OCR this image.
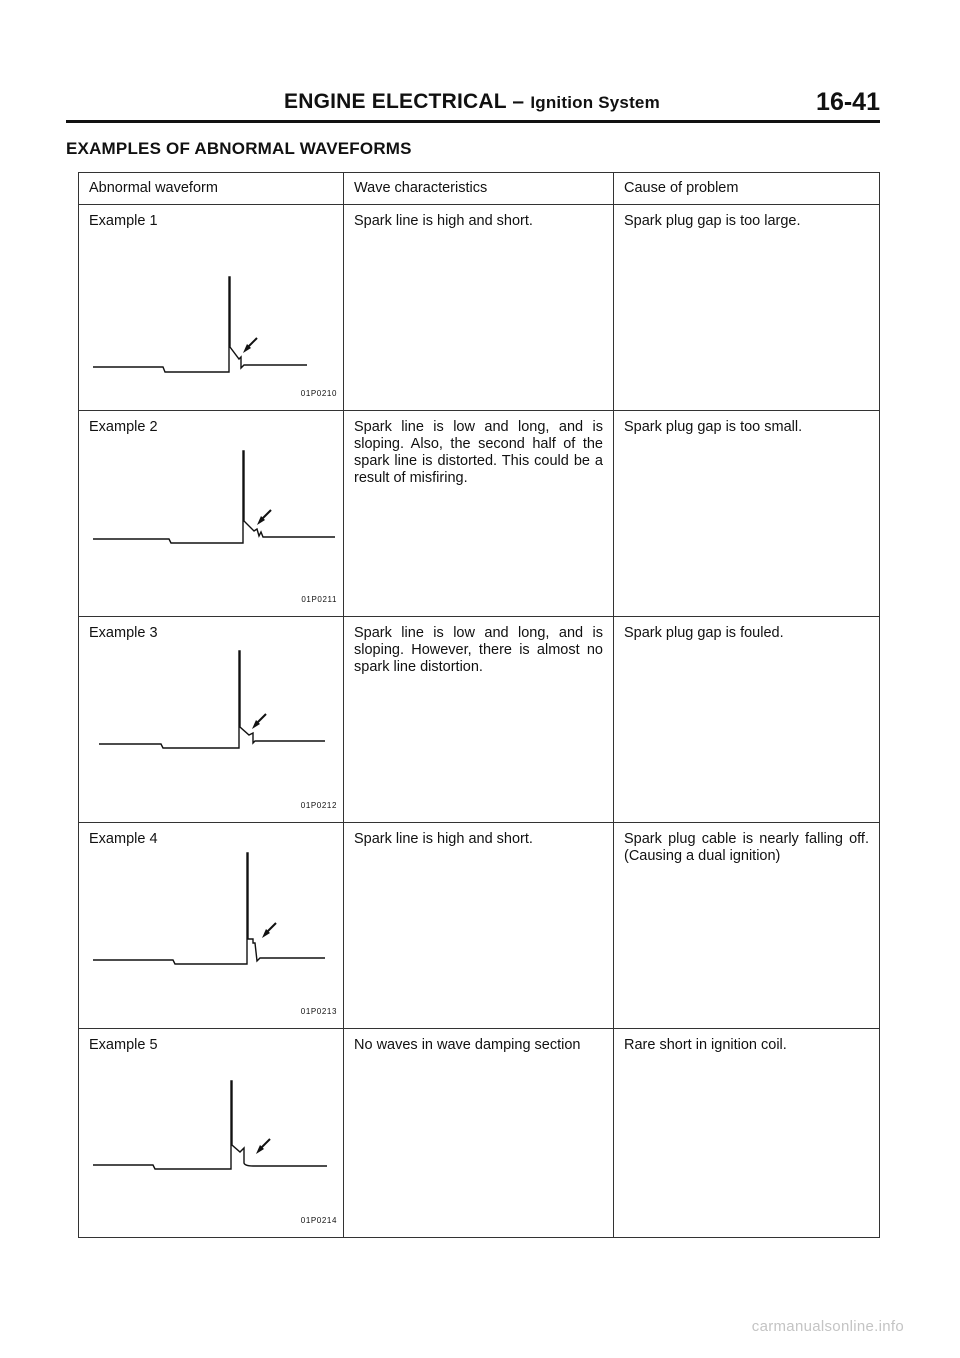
ENGINE ELECTRICAL – Ignition System	16-41
EXAMPLES OF ABNORMAL WAVEFORMS
Abnormal waveform	Wave characteristics	Cause of problem

Example 1
01P0210	Spark line is high and short.	Spark plug gap is too large.

Example 2
01P0211	Spark line is low and long, and is sloping. Also, the second half of the spark line is distorted. This could be a result of misfiring.	Spark plug gap is too small.

Example 3
01P0212	Spark line is low and long, and is sloping. However, there is almost no spark line distortion.	Spark plug gap is fouled.

Example 4
01P0213	Spark line is high and short.	Spark plug cable is nearly falling off. (Causing a dual ignition)

Example 5
01P0214	No waves in wave damping section	Rare short in ignition coil.
carmanualsonline.info
